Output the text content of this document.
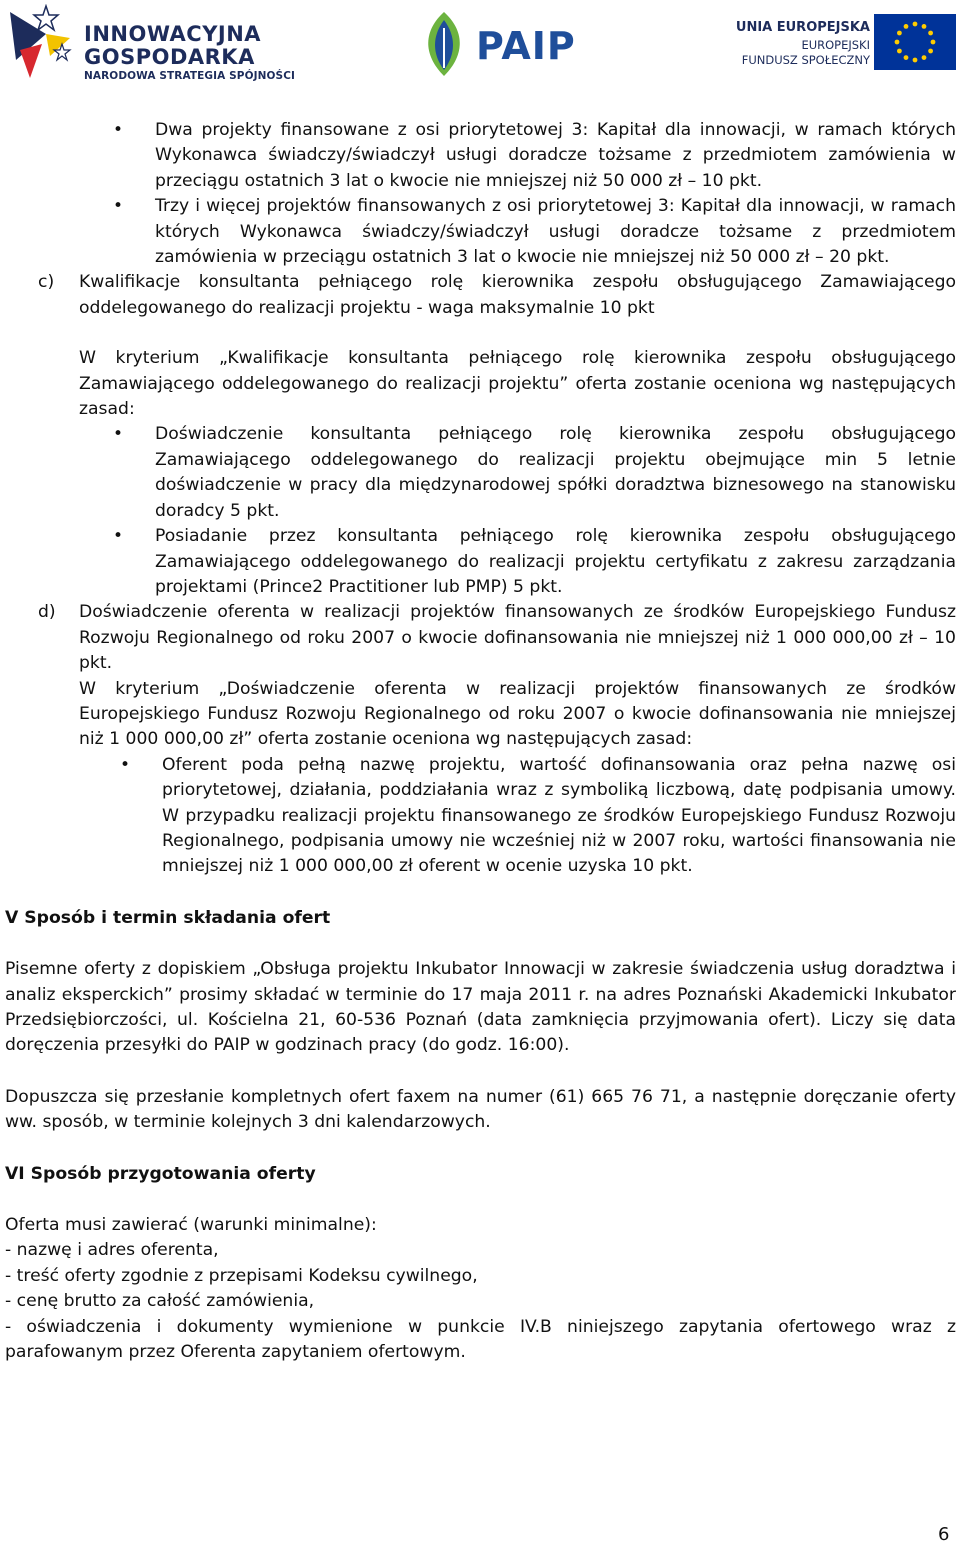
INNOWACYJNA
GOSPODARKA
NARODOWA STRATEGIA SPÓJNOŚCI
PAIP	UNIA EUROPEJSKA
EUROPEJSKI
FUNDUSZ SPOŁECZNY

• Dwa projekty finansowane z osi priorytetowej 3: Kapitał dla innowacji, w ramach których Wykonawca świadczy/świadczył usługi doradcze tożsame z przedmiotem zamówienia w przeciągu ostatnich 3 lat o kwocie nie mniejszej niż 50 000 zł – 10 pkt.

• Trzy i więcej projektów finansowanych z osi priorytetowej 3: Kapitał dla innowacji, w ramach których Wykonawca świadczy/świadczył usługi doradcze tożsame z przedmiotem zamówienia w przeciągu ostatnich 3 lat o kwocie nie mniejszej niż 50 000 zł – 20 pkt.

c) Kwalifikacje konsultanta pełniącego rolę kierownika zespołu obsługującego Zamawiającego oddelegowanego do realizacji projektu - waga maksymalnie 10 pkt

W kryterium „Kwalifikacje konsultanta pełniącego rolę kierownika zespołu obsługującego Zamawiającego oddelegowanego do realizacji projektu” oferta zostanie oceniona wg następujących zasad:

• Doświadczenie konsultanta pełniącego rolę kierownika zespołu obsługującego Zamawiającego oddelegowanego do realizacji projektu obejmujące min 5 letnie doświadczenie w pracy dla międzynarodowej spółki doradztwa biznesowego na stanowisku doradcy 5 pkt.

• Posiadanie przez konsultanta pełniącego rolę kierownika zespołu obsługującego Zamawiającego oddelegowanego do realizacji projektu certyfikatu z zakresu zarządzania projektami (Prince2 Practitioner lub PMP) 5 pkt.

d) Doświadczenie oferenta w realizacji projektów finansowanych ze środków Europejskiego Fundusz Rozwoju Regionalnego od roku 2007 o kwocie dofinansowania nie mniejszej niż 1 000 000,00 zł – 10 pkt.

W kryterium „Doświadczenie oferenta w realizacji projektów finansowanych ze środków Europejskiego Fundusz Rozwoju Regionalnego od roku 2007 o kwocie dofinansowania nie mniejszej niż 1 000 000,00 zł” oferta zostanie oceniona wg następujących zasad:

• Oferent poda pełną nazwę projektu, wartość dofinansowania oraz pełna nazwę osi priorytetowej, działania, poddziałania wraz z symboliką liczbową, datę podpisania umowy. W przypadku realizacji projektu finansowanego ze środków Europejskiego Fundusz Rozwoju Regionalnego, podpisania umowy nie wcześniej niż w 2007 roku, wartości finansowania nie mniejszej niż 1 000 000,00 zł oferent w ocenie uzyska 10 pkt.

V Sposób i termin składania ofert

Pisemne oferty z dopiskiem „Obsługa projektu Inkubator Innowacji w zakresie świadczenia usług doradztwa i analiz eksperckich” prosimy składać w terminie do 17 maja 2011 r. na adres Poznański Akademicki Inkubator Przedsiębiorczości, ul. Kościelna 21, 60‐536 Poznań (data zamknięcia przyjmowania ofert). Liczy się data doręczenia przesyłki do PAIP w godzinach pracy (do godz. 16:00).

Dopuszcza się przesłanie kompletnych ofert faxem na numer (61) 665 76 71, a następnie doręczanie oferty ww. sposób, w terminie kolejnych 3 dni kalendarzowych.

VI Sposób przygotowania oferty

Oferta musi zawierać (warunki minimalne):

- nazwę i adres oferenta,

- treść oferty zgodnie z przepisami Kodeksu cywilnego,

- cenę brutto za całość zamówienia,

- oświadczenia i dokumenty wymienione w punkcie IV.B niniejszego zapytania ofertowego wraz z parafowanym przez Oferenta zapytaniem ofertowym.

6
